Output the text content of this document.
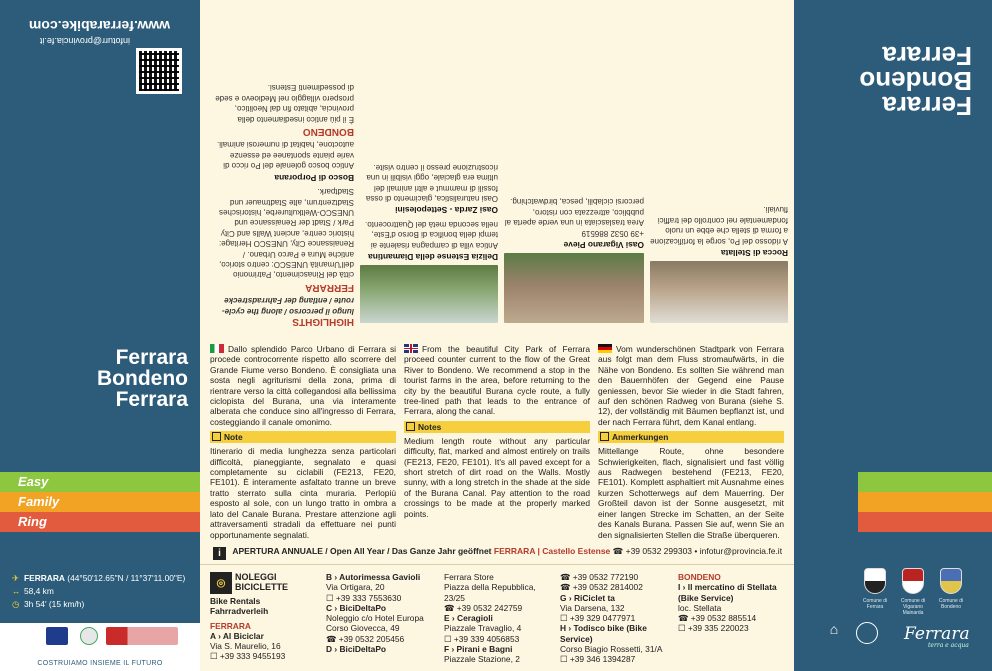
www.ferrarabike.com
infoturr@provincia.fe.it
HIGHLIGHTS
lungo il percorso / along the cycle-route / entlang der Fahrradstrecke
FERRARA
città del Rinascimento, Patrimonio dell'Umanità UNESCO: centro storico, antiche Mura e Parco Urbano. / Renaissance City, UNESCO Heritage: historic centre, ancient Walls and City Park / Stadt der Renaissance und UNESCO-Weltkulturerbe, historisches Stadtzentrum, alte Stadtmauer und Stadtpark.
Bosco di Porporana
Antico bosco golenale del Po ricco di varie piante spontanee ed essenze autoctone, habitat di numerosi animali.
BONDENO
È il più antico insediamento della provincia, abitato fin dal Neolitico, prospero villaggio nel Medioevo e sede di possedimenti Estensi.
Delizia Estense della Diamantina
Antica villa di campagna risalente ai tempi della bonifica di Borso d'Este, nella seconda metà del Quattrocento.
Oasi Zarda - Settepolesini
Oasi naturalistica, giacimento di ossa fossili di mammut e altri animali del ultima era glaciale, oggi visibili in una ricostruzione presso il centro visite.
Oasi Vigarano Pieve
+39 0532 886519
Area traslasciata in una verde aperta al pubblico, attrezzata con ristoro, percorsi ciclabili, pesca, birdwatching.
Rocca di Stellata
A ridosso del Po, sorge la fortificazione a forma di stella che ebbe un ruolo fondamentale nel controllo dei traffici fluviali.
Ferrara
Bondeno
Ferrara
Ferrara
Bondeno
Ferrara
Easy
Family
Ring
Dallo splendido Parco Urbano di Ferrara si procede controcorrente rispetto allo scorrere del Grande Fiume verso Bondeno. È consigliata una sosta negli agriturismi della zona, prima di rientrare verso la città collegandosi alla bellissima ciclopista del Burana, una via interamente alberata che conduce sino all'ingresso di Ferrara, costeggiando il canale omonimo.
Note
Itinerario di media lunghezza senza particolari difficoltà, pianeggiante, segnalato e quasi completamente su ciclabili (FE213, FE20, FE101). È interamente asfaltato tranne un breve tratto sterrato sulla cinta muraria. Perlopiù esposto al sole, con un lungo tratto in ombra a lato del Canale Burana. Prestare attenzione agli attraversamenti stradali da effettuare nei punti opportunamente segnalati.
From the beautiful City Park of Ferrara proceed counter current to the flow of the Great River to Bondeno. We recommend a stop in the tourist farms in the area, before returning to the city by the beautiful Burana cycle route, a fully tree-lined path that leads to the entrance of Ferrara, along the canal.
Notes
Medium length route without any particular difficulty, flat, marked and almost entirely on trails (FE213, FE20, FE101). It's all paved except for a short stretch of dirt road on the Walls. Mostly sunny, with a long stretch in the shade at the side of the Burana Canal. Pay attention to the road crossings to be made at the properly marked points.
Vom wunderschönen Stadtpark von Ferrara aus folgt man dem Fluss stromaufwärts, in die Nähe von Bondeno. Es sollten Sie während man den Bauernhöfen der Gegend eine Pause geniessen, bevor Sie wieder in die Stadt fahren, auf den schönen Radweg von Burana (siehe S. 12), der vollständig mit Bäumen bepflanzt ist, und der nach Ferrara führt, dem Kanal entlang.
Anmerkungen
Mittellange Route, ohne besondere Schwierigkeiten, flach, signalisiert und fast völlig aus Radwegen bestehend (FE213, FE20, FE101). Komplett asphaltiert mit Ausnahme eines kurzen Schotterwegs auf dem Mauerring. Der Großteil davon ist der Sonne ausgesetzt, mit einer langen Strecke im Schatten, an der Seite des Kanals Burana. Passen Sie auf, wenn Sie an den signalisierten Stellen die Straße überqueren.
i APERTURA ANNUALE / Open All Year / Das Ganze Jahr geöffnet FERRARA | Castello Estense ☎ +39 0532 299303 • infotur@provincia.fe.it
⌾ NOLEGGI
BICICLETTE
Bike Rentals
Fahrradverleih
FERRARA
A › Al Biciclar
Via S. Maurelio, 16
☐ +39 333 9455193
B › Autorimessa Gavioli
Via Ortigara, 20
☐ +39 333 7553630
C › BiciDeltaPo
Noleggio c/o Hotel Europa
Corso Giovecca, 49
☎ +39 0532 205456
D › BiciDeltaPo
Ferrara Store
Piazza della Repubblica, 23/25
☎ +39 0532 242759
E › Ceragioli
Piazzale Travaglio, 4
☐ +39 339 4056853
F › Pirani e Bagni
Piazzale Stazione, 2
☎ +39 0532 772190
☎ +39 0532 2814002
G › RiCiclet ta
Via Darsena, 132
☐ +39 329 0477971
H › Todisco bike (Bike Service)
Corso Biagio Rossetti, 31/A
☐ +39 346 1394287
BONDENO
I › Il mercatino di Stellata
(Bike Service)
loc. Stellata
☎ +39 0532 885514
☐ +39 335 220023
✈ FERRARA (44°50'12.65"N / 11°37'11.00"E)
↔ 58,4 km
◷ 3h 54' (15 km/h)
COSTRUIAMO INSIEME IL FUTURO
Comune di Ferrara
Comune di Vigarano Mainarda
Comune di Bondeno
⌂	Ferrara
terra e acqua
